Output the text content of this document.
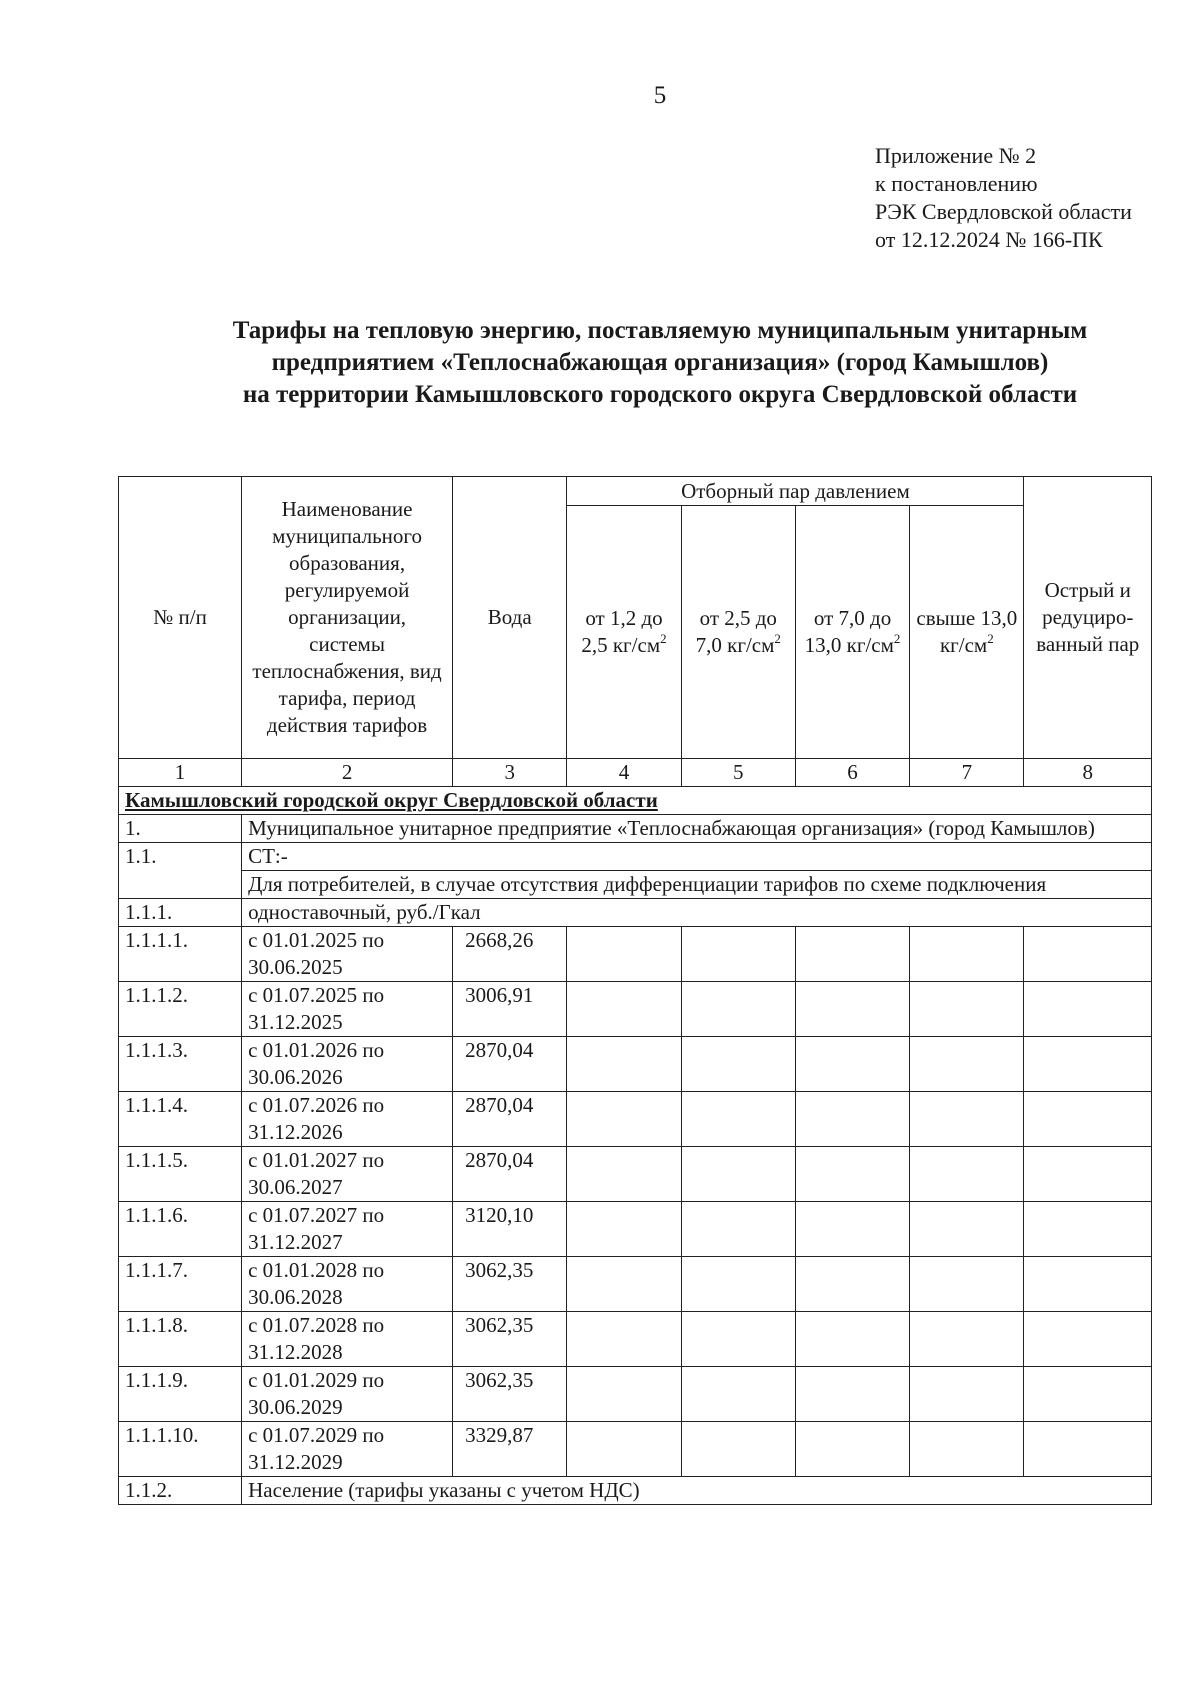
5
Приложение № 2
к постановлению
РЭК Свердловской области
от 12.12.2024 № 166-ПК
Тарифы на тепловую энергию, поставляемую муниципальным унитарным
предприятием «Теплоснабжающая организация» (город Камышлов)
на территории Камышловского городского округа Свердловской области
№ п/п	Наименование муниципального образования, регулируемой организации, системы теплоснабжения, вид тарифа, период действия тарифов	Вода	Отборный пар давлением				Острый и редуциро-ванный пар
			от 1,2 до 2,5 $кг/см^2$	от 2,5 до 7,0 $кг/см^2$	от 7,0 до 13,0 $кг/см^2$	свыше 13,0 $кг/см^2$
1	2	3	4	5	6	7	8
Камышловский городской округ Свердловской области							
1.	Муниципальное унитарное предприятие «Теплоснабжающая организация» (город Камышлов)						
1.1.	СТ:-						
	Для потребителей, в случае отсутствия дифференциации тарифов по схеме подключения						
1.1.1.	одноставочный, руб./Гкал						
1.1.1.1.	с 01.01.2025 по 30.06.2025	2668,26					
1.1.1.2.	с 01.07.2025 по 31.12.2025	3006,91					
1.1.1.3.	с 01.01.2026 по 30.06.2026	2870,04					
1.1.1.4.	с 01.07.2026 по 31.12.2026	2870,04					
1.1.1.5.	с 01.01.2027 по 30.06.2027	2870,04					
1.1.1.6.	с 01.07.2027 по 31.12.2027	3120,10					
1.1.1.7.	с 01.01.2028 по 30.06.2028	3062,35					
1.1.1.8.	с 01.07.2028 по 31.12.2028	3062,35					
1.1.1.9.	с 01.01.2029 по 30.06.2029	3062,35					
1.1.1.10.	с 01.07.2029 по 31.12.2029	3329,87					
1.1.2.	Население (тарифы указаны с учетом НДС)						
